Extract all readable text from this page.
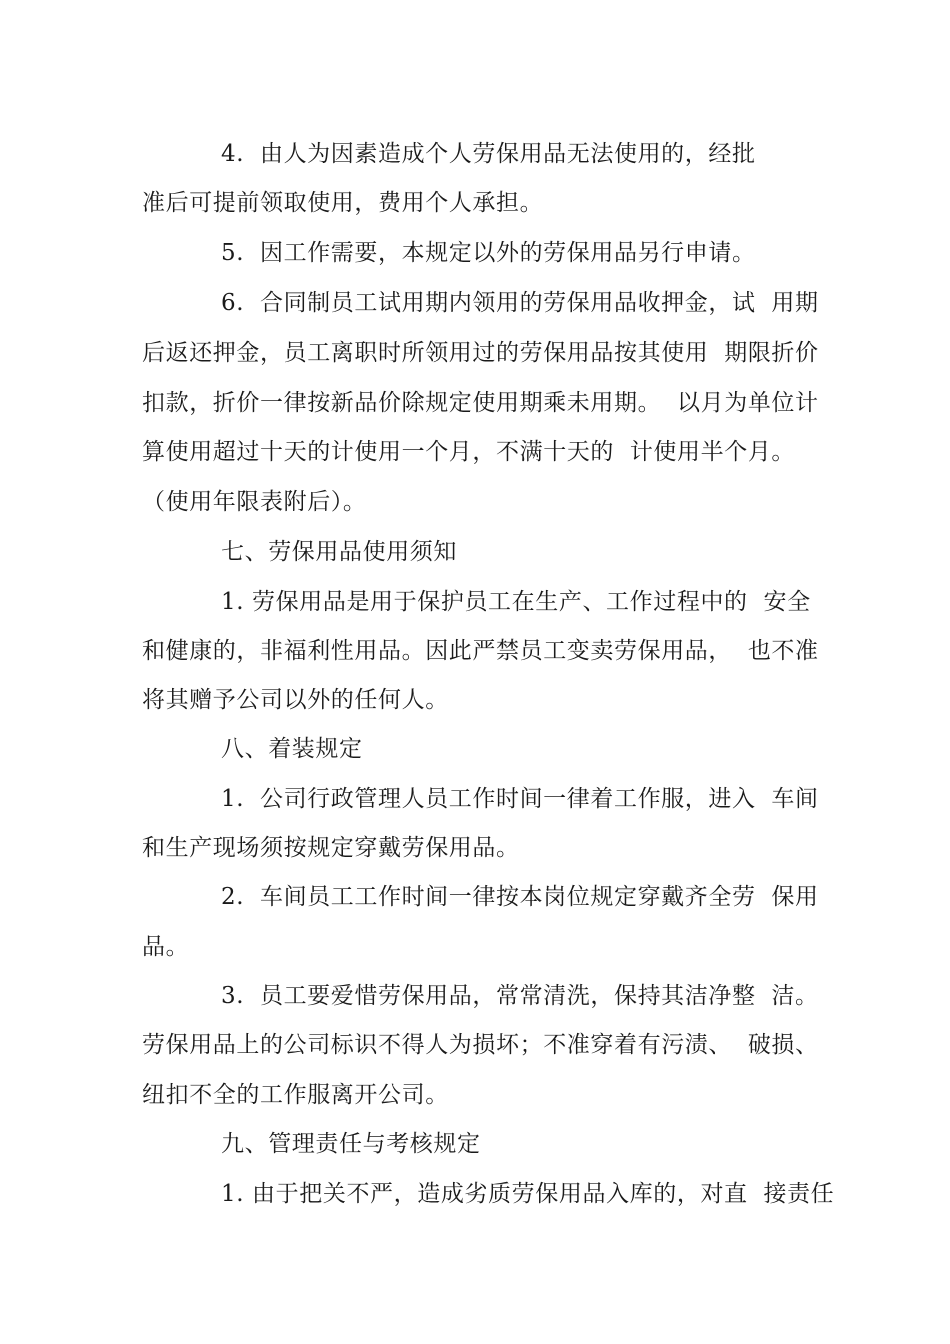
4.  由人为因素造成个人劳保用品无法使用的，经批
准后可提前领取使用，费用个人承担。
5.  因工作需要，本规定以外的劳保用品另行申请。
6.  合同制员工试用期内领用的劳保用品收押金，试  用期
后返还押金，员工离职时所领用过的劳保用品按其使用  期限折价
扣款，折价一律按新品价除规定使用期乘未用期。  以月为单位计
算使用超过十天的计使用一个月，不满十天的  计使用半个月。
（使用年限表附后）。
七、劳保用品使用须知
1. 劳保用品是用于保护员工在生产、工作过程中的  安全
和健康的，非福利性用品。因此严禁员工变卖劳保用品，  也不准
将其赠予公司以外的任何人。
八、着装规定
1.  公司行政管理人员工作时间一律着工作服，进入  车间
和生产现场须按规定穿戴劳保用品。
2.  车间员工工作时间一律按本岗位规定穿戴齐全劳  保用
品。
3.  员工要爱惜劳保用品，常常清洗，保持其洁净整  洁。
劳保用品上的公司标识不得人为损坏；不准穿着有污渍、  破损、
纽扣不全的工作服离开公司。
九、管理责任与考核规定
1. 由于把关不严，造成劣质劳保用品入库的，对直  接责任
